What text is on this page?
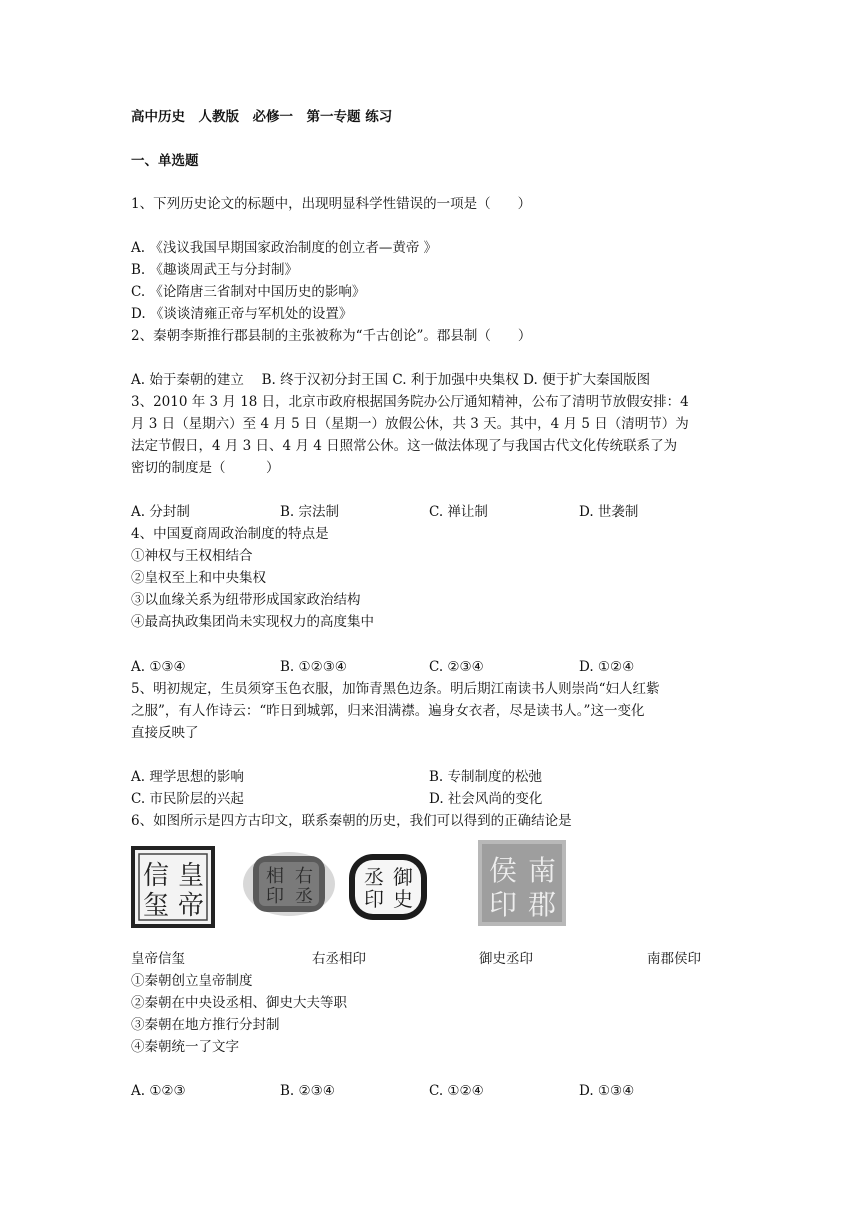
高中历史　人教版　必修一　第一专题 练习
一、单选题
1、下列历史论文的标题中，出现明显科学性错误的一项是（　　）
A. 《浅议我国早期国家政治制度的创立者—黄帝 》
B. 《趣谈周武王与分封制》
C. 《论隋唐三省制对中国历史的影响》
D. 《谈谈清雍正帝与军机处的设置》
2、秦朝李斯推行郡县制的主张被称为“千古创论”。郡县制（　　）
A. 始于秦朝的建立　 B. 终于汉初分封王国 C. 利于加强中央集权 D. 便于扩大秦国版图
3、2010 年 3 月 18 日，北京市政府根据国务院办公厅通知精神，公布了清明节放假安排：4
月 3 日（星期六）至 4 月 5 日（星期一）放假公休，共 3 天。其中，4 月 5 日（清明节）为
法定节假日，4 月 3 日、4 月 4 日照常公休。这一做法体现了与我国古代文化传统联系了为
密切的制度是（　　　）
A. 分封制	B. 宗法制	C. 禅让制	D. 世袭制
4、中国夏商周政治制度的特点是
①神权与王权相结合
②皇权至上和中央集权
③以血缘关系为纽带形成国家政治结构
④最高执政集团尚未实现权力的高度集中
A. ①③④	B. ①②③④	C. ②③④	D. ①②④
5、明初规定，生员须穿玉色衣服，加饰青黑色边条。明后期江南读书人则崇尚“妇人红紫
之服”，有人作诗云：“昨日到城郭，归来泪满襟。遍身女衣者，尽是读书人。”这一变化
直接反映了
A. 理学思想的影响	B. 专制制度的松弛
C. 市民阶层的兴起	D. 社会风尚的变化
6、如图所示是四方古印文，联系秦朝的历史，我们可以得到的正确结论是
皇
帝
信
玺
右
丞
相
印
御
史
丞
印
南
郡
侯
印
皇帝信玺	右丞相印	御史丞印	南郡侯印
①秦朝创立皇帝制度
②秦朝在中央设丞相、御史大夫等职
③秦朝在地方推行分封制
④秦朝统一了文字
A. ①②③	B. ②③④	C. ①②④	D. ①③④
